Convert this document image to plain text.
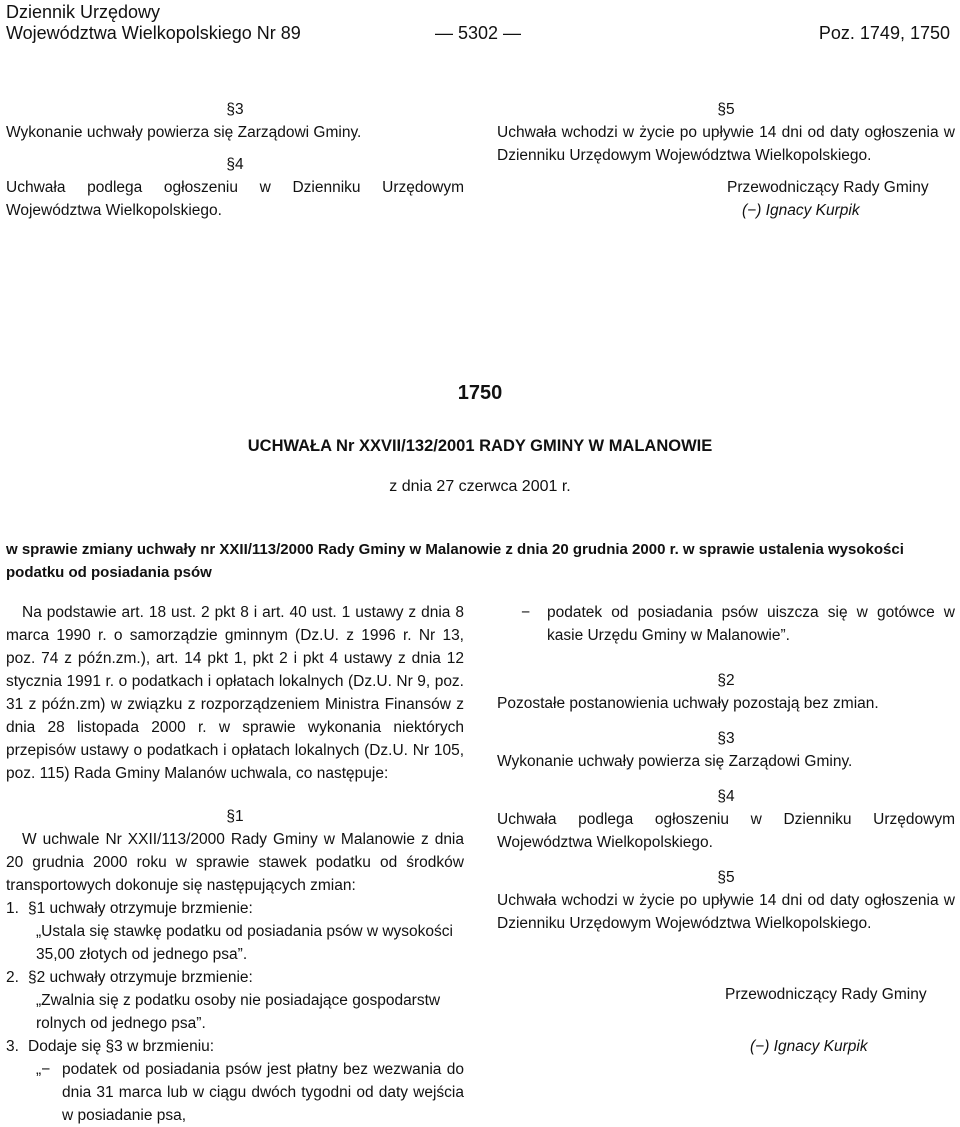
Dziennik Urzędowy
Województwa Wielkopolskiego Nr 89	— 5302 —	Poz. 1749, 1750
§3
Wykonanie uchwały powierza się Zarządowi Gminy.
§4
Uchwała podlega ogłoszeniu w Dzienniku Urzędowym Województwa Wielkopolskiego.
§5
Uchwała wchodzi w życie po upływie 14 dni od daty ogłoszenia w Dzienniku Urzędowym Województwa Wielkopolskiego.
Przewodniczący Rady Gminy
(−) Ignacy Kurpik
1750
UCHWAŁA Nr XXVII/132/2001 RADY GMINY W MALANOWIE
z dnia 27 czerwca 2001 r.
w sprawie zmiany uchwały nr XXII/113/2000 Rady Gminy w Malanowie z dnia 20 grudnia 2000 r. w sprawie ustalenia wysokości podatku od posiadania psów
Na podstawie art. 18 ust. 2 pkt 8 i art. 40 ust. 1 ustawy z dnia 8 marca 1990 r. o samorządzie gminnym (Dz.U. z 1996 r. Nr 13, poz. 74 z późn.zm.), art. 14 pkt 1, pkt 2 i pkt 4 ustawy z dnia 12 stycznia 1991 r. o podatkach i opłatach lokalnych (Dz.U. Nr 9, poz. 31 z późn.zm) w związku z rozporządzeniem Ministra Finansów z dnia 28 listopada 2000 r. w sprawie wykonania niektórych przepisów ustawy o podatkach i opłatach lokalnych (Dz.U. Nr 105, poz. 115) Rada Gminy Malanów uchwala, co następuje:
§1
W uchwale Nr XXII/113/2000 Rady Gminy w Malanowie z dnia 20 grudnia 2000 roku w sprawie stawek podatku od środków transportowych dokonuje się następujących zmian:
1. §1 uchwały otrzymuje brzmienie:
„Ustala się stawkę podatku od posiadania psów w wysokości 35,00 złotych od jednego psa”.
2. §2 uchwały otrzymuje brzmienie:
„Zwalnia się z podatku osoby nie posiadające gospodarstw rolnych od jednego psa”.
3. Dodaje się §3 w brzmieniu:
„− podatek od posiadania psów jest płatny bez wezwania do dnia 31 marca lub w ciągu dwóch tygodni od daty wejścia w posiadanie psa,
−	podatek od posiadania psów uiszcza się w gotówce w kasie Urzędu Gminy w Malanowie”.
§2
Pozostałe postanowienia uchwały pozostają bez zmian.
§3
Wykonanie uchwały powierza się Zarządowi Gminy.
§4
Uchwała podlega ogłoszeniu w Dzienniku Urzędowym Województwa Wielkopolskiego.
§5
Uchwała wchodzi w życie po upływie 14 dni od daty ogłoszenia w Dzienniku Urzędowym Województwa Wielkopolskiego.
Przewodniczący Rady Gminy
(−) Ignacy Kurpik
